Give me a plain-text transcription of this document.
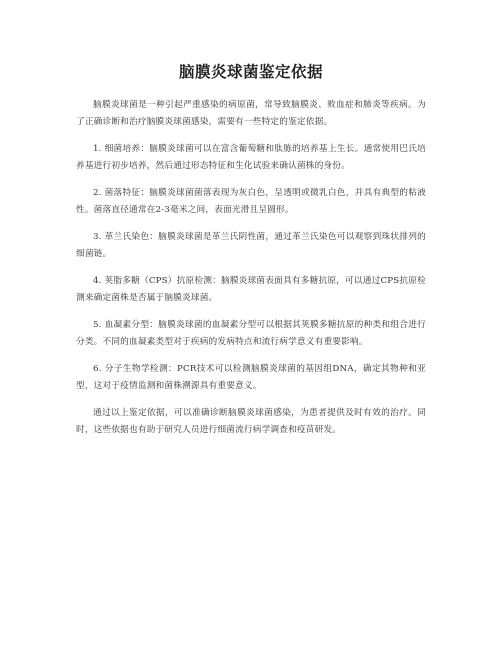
脑膜炎球菌鉴定依据

脑膜炎球菌是一种引起严重感染的病原菌，常导致脑膜炎、败血症和肺炎等疾病。为了正确诊断和治疗脑膜炎球菌感染，需要有一些特定的鉴定依据。

1. 细菌培养：脑膜炎球菌可以在富含葡萄糖和肽胨的培养基上生长。通常使用巴氏培养基进行初步培养，然后通过形态特征和生化试验来确认菌株的身份。

2. 菌落特征：脑膜炎球菌菌落表现为灰白色，呈透明或微乳白色，并具有典型的粘液性。菌落直径通常在2-3毫米之间，表面光滑且呈圆形。

3. 革兰氏染色：脑膜炎球菌是革兰氏阴性菌，通过革兰氏染色可以观察到珠状排列的细菌链。

4. 荚脂多糖（CPS）抗原检测：脑膜炎球菌表面具有多糖抗原，可以通过CPS抗原检测来确定菌株是否属于脑膜炎球菌。

5. 血凝素分型：脑膜炎球菌的血凝素分型可以根据其荚膜多糖抗原的种类和组合进行分类。不同的血凝素类型对于疾病的发病特点和流行病学意义有重要影响。

6. 分子生物学检测：PCR技术可以检测脑膜炎球菌的基因组DNA，确定其物种和亚型，这对于疫情监测和菌株溯源具有重要意义。

通过以上鉴定依据，可以准确诊断脑膜炎球菌感染，为患者提供及时有效的治疗。同时，这些依据也有助于研究人员进行细菌流行病学调查和疫苗研发。
